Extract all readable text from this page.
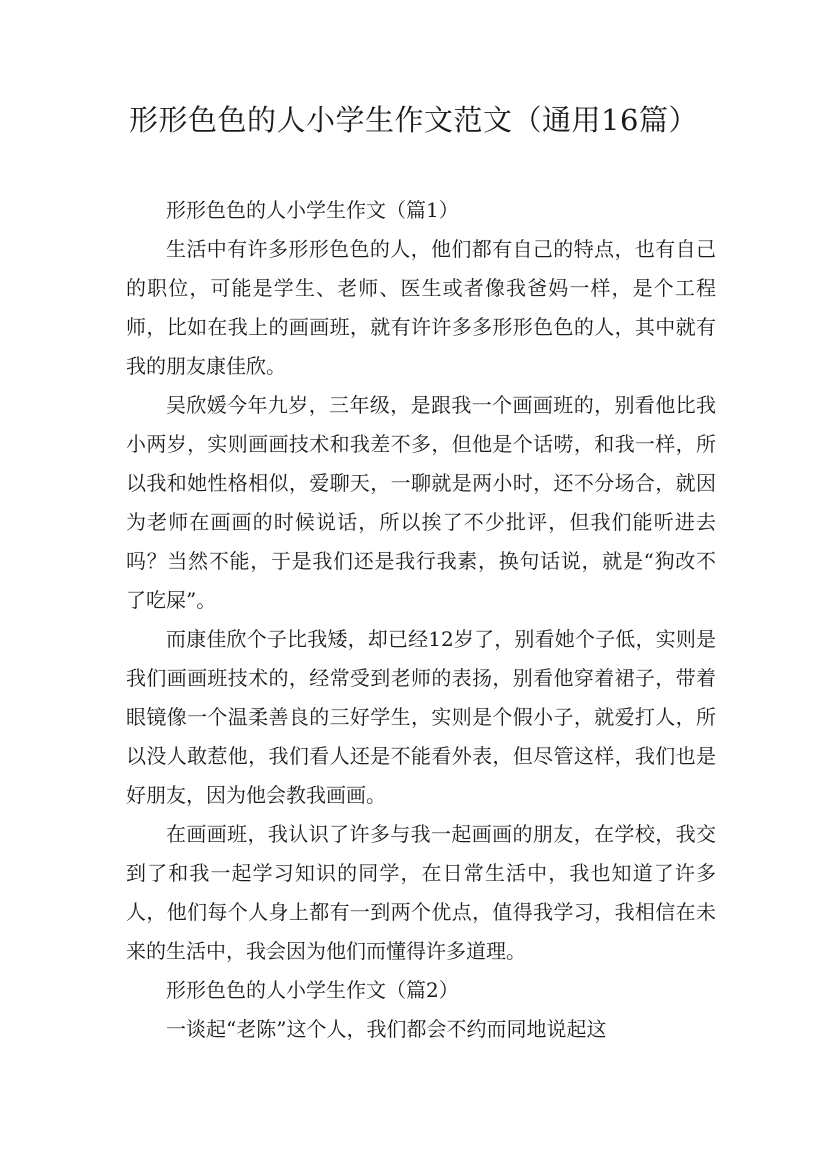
形形色色的人小学生作文范文（通用16篇）

形形色色的人小学生作文（篇1）

生活中有许多形形色色的人，他们都有自己的特点，也有自己的职位，可能是学生、老师、医生或者像我爸妈一样，是个工程师，比如在我上的画画班，就有许许多多形形色色的人，其中就有我的朋友康佳欣。

吴欣媛今年九岁，三年级，是跟我一个画画班的，别看他比我小两岁，实则画画技术和我差不多，但他是个话唠，和我一样，所以我和她性格相似，爱聊天，一聊就是两小时，还不分场合，就因为老师在画画的时候说话，所以挨了不少批评，但我们能听进去吗？当然不能，于是我们还是我行我素，换句话说，就是“狗改不了吃屎”。

而康佳欣个子比我矮，却已经12岁了，别看她个子低，实则是我们画画班技术的，经常受到老师的表扬，别看他穿着裙子，带着眼镜像一个温柔善良的三好学生，实则是个假小子，就爱打人，所以没人敢惹他，我们看人还是不能看外表，但尽管这样，我们也是好朋友，因为他会教我画画。

在画画班，我认识了许多与我一起画画的朋友，在学校，我交到了和我一起学习知识的同学，在日常生活中，我也知道了许多人，他们每个人身上都有一到两个优点，值得我学习，我相信在未来的生活中，我会因为他们而懂得许多道理。

形形色色的人小学生作文（篇2）

一谈起“老陈”这个人，我们都会不约而同地说起这
